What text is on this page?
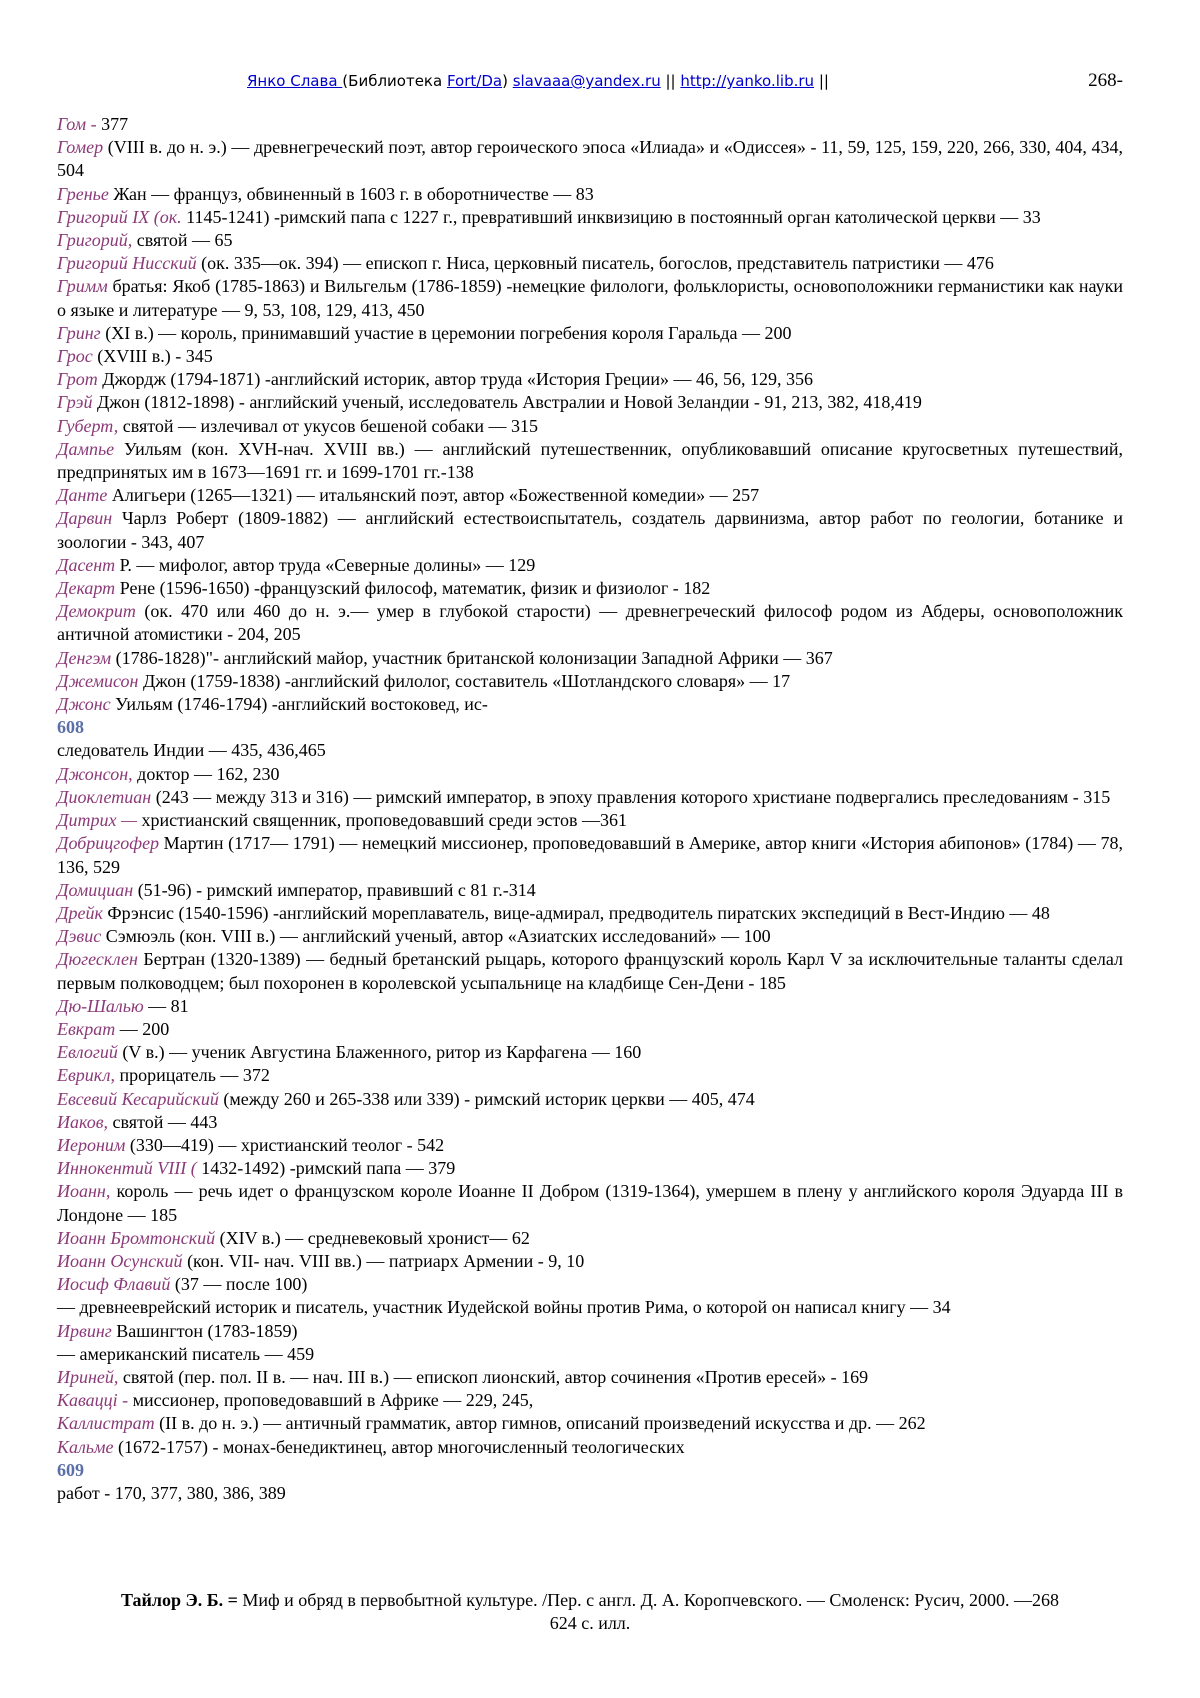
Янко Слава (Библиотека Fort/Da) slavaaa@yandex.ru || http://yanko.lib.ru ||	268-
Гом - 377
Гомер (VIII в. до н. э.) — древнегреческий поэт, автор героического эпоса «Илиада» и «Одиссея» - 11, 59, 125, 159, 220, 266, 330, 404, 434, 504
Гренье Жан — француз, обвиненный в 1603 г. в оборотничестве — 83
Григорий IX (ок. 1145-1241) -римский папа с 1227 г., превративший инквизицию в постоянный орган католической церкви — 33
Григорий, святой — 65
Григорий Нисский (ок. 335—ок. 394) — епископ г. Ниса, церковный писатель, богослов, представитель патристики — 476
Гримм братья: Якоб (1785-1863) и Вильгельм (1786-1859) -немецкие филологи, фольклористы, основоположники германистики как науки о языке и литературе — 9, 53, 108, 129, 413, 450
Гринг (XI в.) — король, принимавший участие в церемонии погребения короля Гаральда — 200
Грос (XVIII в.) - 345
Грот Джордж (1794-1871) -английский историк, автор труда «История Греции» — 46, 56, 129, 356
Грэй Джон (1812-1898) - английский ученый, исследователь Австралии и Новой Зеландии - 91, 213, 382, 418,419
Губерт, святой — излечивал от укусов бешеной собаки — 315
Дампье Уильям (кон. XVH-нач. XVIII вв.) — английский путешественник, опубликовавший описание кругосветных путешествий, предпринятых им в 1673—1691 гг. и 1699-1701 гг.-138
Данте Алигьери (1265—1321) — итальянский поэт, автор «Божественной комедии» — 257
Дарвин Чарлз Роберт (1809-1882) — английский естествоиспытатель, создатель дарвинизма, автор работ по геологии, ботанике и зоологии - 343, 407
Дасент Р. — мифолог, автор труда «Северные долины» — 129
Декарт Рене (1596-1650) -французский философ, математик, физик и физиолог - 182
Демокрит (ок. 470 или 460 до н. э.— умер в глубокой старости) — древнегреческий философ родом из Абдеры, основоположник античной атомистики - 204, 205
Денгэм (1786-1828)"- английский майор, участник британской колонизации Западной Африки — 367
Джемисон Джон (1759-1838) -английский филолог, составитель «Шотландского словаря» — 17
Джонс Уильям (1746-1794) -английский востоковед, ис-
608
следователь Индии — 435, 436,465
Джонсон, доктор — 162, 230
Диоклетиан (243 — между 313 и 316) — римский император, в эпоху правления которого христиане подвергались преследованиям - 315
Дитрих — христианский священник, проповедовавший среди эстов —361
Добрицгофер Мартин (1717— 1791) — немецкий миссионер, проповедовавший в Америке, автор книги «История абипонов» (1784) — 78, 136, 529
Домициан (51-96) - римский император, правивший с 81 г.-314
Дрейк Фрэнсис (1540-1596) -английский мореплаватель, вице-адмирал, предводитель пиратских экспедиций в Вест-Индию — 48
Дэвис Сэмюэль (кон. VIII в.) — английский ученый, автор «Азиатских исследований» — 100
Дюгесклен Бертран (1320-1389) — бедный бретанский рыцарь, которого французский король Карл V за исключительные таланты сделал первым полководцем; был похоронен в королевской усыпальнице на кладбище Сен-Дени - 185
Дю-Шалью — 81
Евкрат — 200
Евлогий (V в.) — ученик Августина Блаженного, ритор из Карфагена — 160
Еврикл, прорицатель — 372
Евсевий Кесарийский (между 260 и 265-338 или 339) - римский историк церкви — 405, 474
Иаков, святой — 443
Иероним (330—419) — христианский теолог - 542
Иннокентий VIII ( 1432-1492) -римский папа — 379
Иоанн, король — речь идет о французском короле Иоанне II Добром (1319-1364), умершем в плену у английского короля Эдуарда III в Лондоне — 185
Иоанн Бромтонский (XIV в.) — средневековый хронист— 62
Иоанн Осунский (кон. VII- нач. VIII вв.) — патриарх Армении - 9, 10
Иосиф Флавий (37 — после 100)
— древнееврейский историк и писатель, участник Иудейской войны против Рима, о которой он написал книгу — 34
Ирвинг Вашингтон (1783-1859)
— американский писатель — 459
Ириней, святой (пер. пол. II в. — нач. III в.) — епископ лионский, автор сочинения «Против ересей» - 169
Каваццi - миссионер, проповедовавший в Африке — 229, 245,
Каллистрат (II в. до н. э.) — античный грамматик, автор гимнов, описаний произведений искусства и др. — 262
Кальме (1672-1757) - монах-бенедиктинец, автор многочисленный теологических
609
работ - 170, 377, 380, 386, 389
Тайлор Э. Б. = Миф и обряд в первобытной культуре. /Пер. с англ. Д. А. Коропчевского. — Смоленск: Русич, 2000. —268
624 с. илл.
